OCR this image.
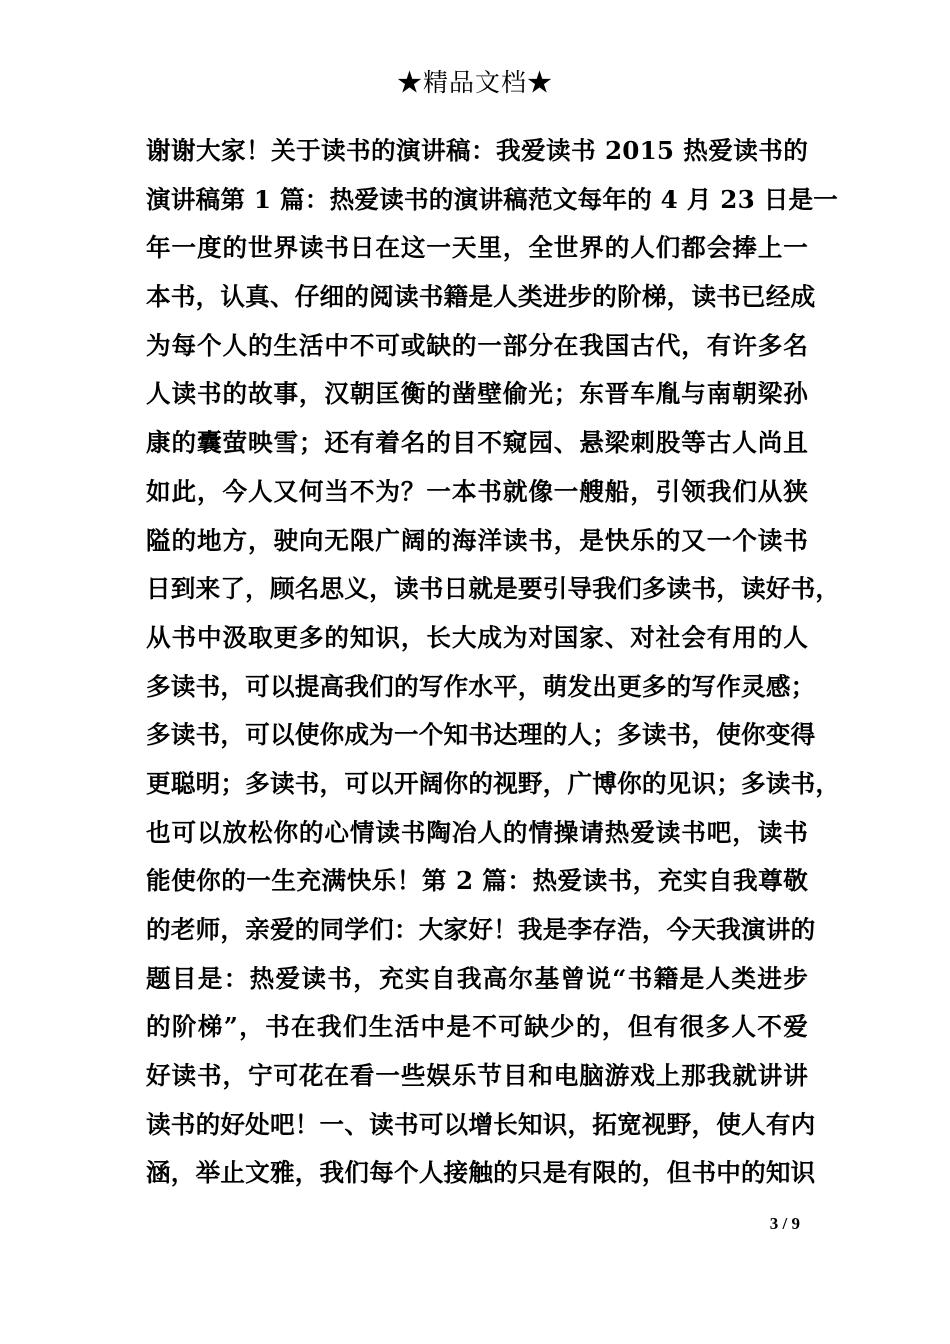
★精品文档★
谢谢大家！关于读书的演讲稿：我爱读书 2015 热爱读书的
演讲稿第 1 篇：热爱读书的演讲稿范文每年的 4 月 23 日是一
年一度的世界读书日在这一天里，全世界的人们都会捧上一
本书，认真、仔细的阅读书籍是人类进步的阶梯，读书已经成
为每个人的生活中不可或缺的一部分在我国古代，有许多名
人读书的故事，汉朝匡衡的凿壁偷光；东晋车胤与南朝梁孙
康的囊萤映雪；还有着名的目不窥园、悬梁刺股等古人尚且
如此，今人又何当不为？一本书就像一艘船，引领我们从狭
隘的地方，驶向无限广阔的海洋读书，是快乐的又一个读书
日到来了，顾名思义，读书日就是要引导我们多读书，读好书，
从书中汲取更多的知识，长大成为对国家、对社会有用的人
多读书，可以提高我们的写作水平，萌发出更多的写作灵感；
多读书，可以使你成为一个知书达理的人；多读书，使你变得
更聪明；多读书，可以开阔你的视野，广博你的见识；多读书，
也可以放松你的心情读书陶冶人的情操请热爱读书吧，读书
能使你的一生充满快乐！第 2 篇：热爱读书，充实自我尊敬
的老师，亲爱的同学们：大家好！我是李存浩，今天我演讲的
题目是：热爱读书，充实自我高尔基曾说“书籍是人类进步
的阶梯”，书在我们生活中是不可缺少的，但有很多人不爱
好读书，宁可花在看一些娱乐节目和电脑游戏上那我就讲讲
读书的好处吧！一、读书可以增长知识，拓宽视野，使人有内
涵，举止文雅，我们每个人接触的只是有限的，但书中的知识
3 / 9
